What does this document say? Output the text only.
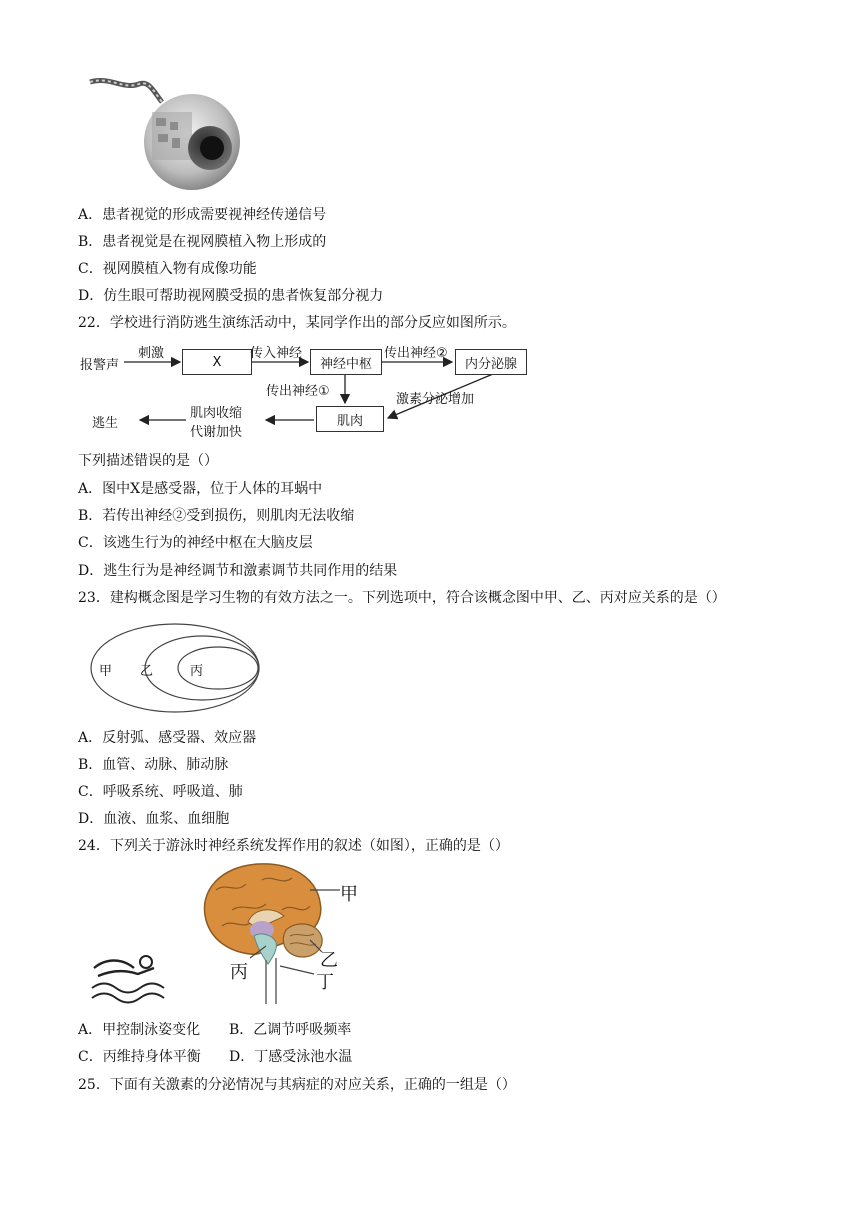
A．患者视觉的形成需要视神经传递信号
B．患者视觉是在视网膜植入物上形成的
C．视网膜植入物有成像功能
D．仿生眼可帮助视网膜受损的患者恢复部分视力
22．学校进行消防逃生演练活动中，某同学作出的部分反应如图所示。
报警声
刺激
X
传入神经
神经中枢
传出神经②
内分泌腺
传出神经①
激素分泌增加
肌肉
肌肉收缩
代谢加快
逃生
下列描述错误的是（）
A．图中X是感受器，位于人体的耳蜗中
B．若传出神经②受到损伤，则肌肉无法收缩
C．该逃生行为的神经中枢在大脑皮层
D．逃生行为是神经调节和激素调节共同作用的结果
23．建构概念图是学习生物的有效方法之一。下列选项中，符合该概念图中甲、乙、丙对应关系的是（）
甲 乙	丙
A．反射弧、感受器、效应器
B．血管、动脉、肺动脉
C．呼吸系统、呼吸道、肺
D．血液、血浆、血细胞
24．下列关于游泳时神经系统发挥作用的叙述（如图），正确的是（）
甲
乙
丙	丁
A．甲控制泳姿变化 B．乙调节呼吸频率
C．丙维持身体平衡 D．丁感受泳池水温
25．下面有关激素的分泌情况与其病症的对应关系，正确的一组是（）
